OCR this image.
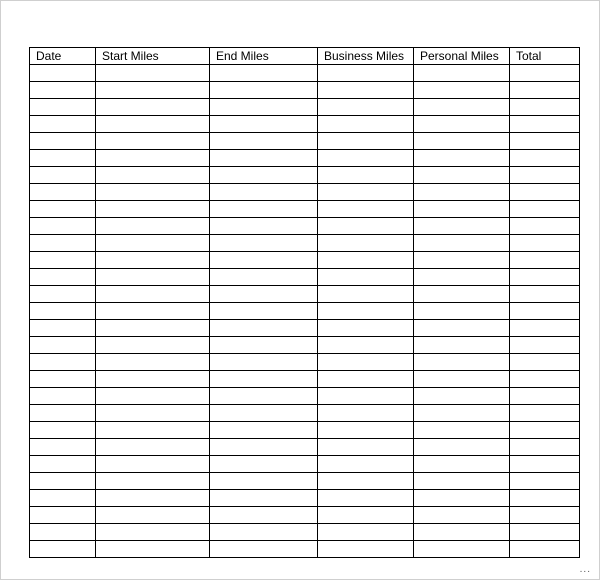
Date	Start Miles	End Miles	Business Miles	Personal Miles	Total

...
